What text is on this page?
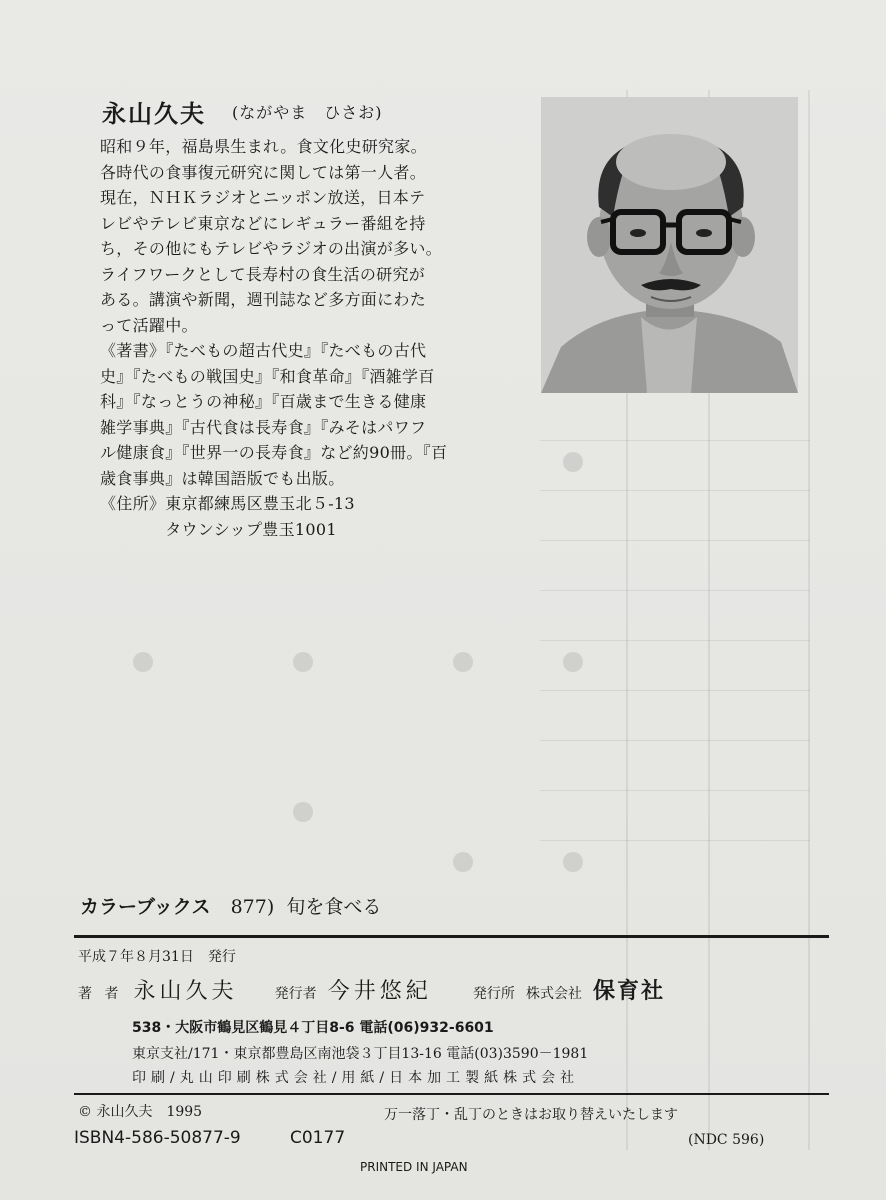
永山久夫 (ながやま　ひさお)

昭和９年，福島県生まれ。食文化史研究家。

各時代の食事復元研究に関しては第一人者。

現在，ＮＨＫラジオとニッポン放送，日本テ

レビやテレビ東京などにレギュラー番組を持

ち，その他にもテレビやラジオの出演が多い。

ライフワークとして長寿村の食生活の研究が

ある。講演や新聞，週刊誌など多方面にわた

って活躍中。

《著書》『たべもの超古代史』『たべもの古代

史』『たべもの戦国史』『和食革命』『酒雑学百

科』『なっとうの神秘』『百歳まで生きる健康

雑学事典』『古代食は長寿食』『みそはパワフ

ル健康食』『世界一の長寿食』など約90冊。『百

歳食事典』は韓国語版でも出版。

《住所》東京都練馬区豊玉北５-13

　　　　タウンシップ豊玉1001

カラーブックス 877) 旬を食べる
平成７年８月31日　発行
著 者 永山久夫	発行者 今井悠紀	発行所 株式会社 保育社
538・大阪市鶴見区鶴見４丁目8-6 電話(06)932-6601
東京支社/171・東京都豊島区南池袋３丁目13-16 電話(03)3590－1981
印刷/丸山印刷株式会社/用紙/日本加工製紙株式会社
© 永山久夫　1995	万一落丁・乱丁のときはお取り替えいたします
ISBN4-586-50877-9	C0177	(NDC 596)
PRINTED IN JAPAN
